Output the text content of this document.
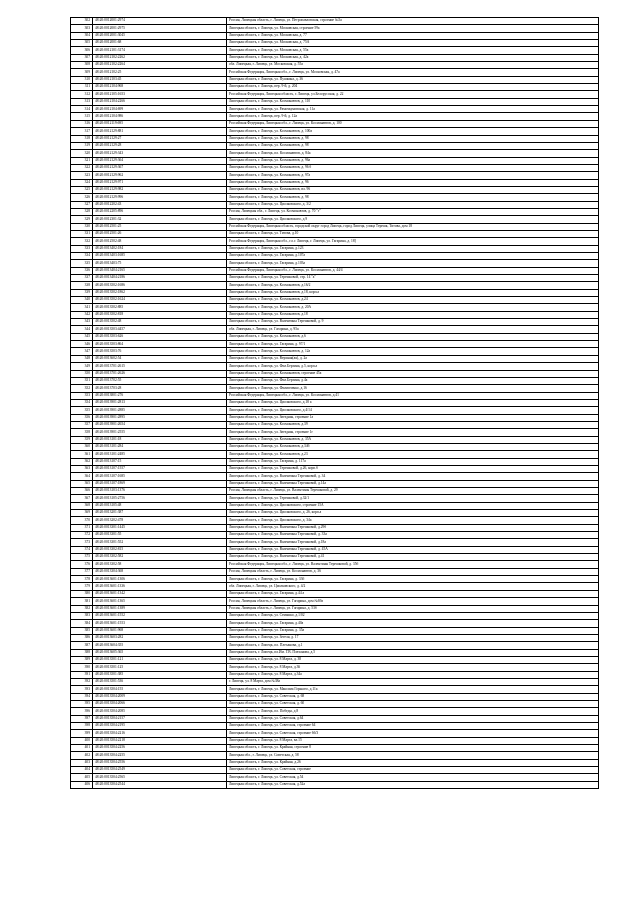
302	48:20:0012001:2974	Россия, Липецкая область, г. Липецк, ул. Петропавловская, строение №5а
303	48:20:0012001:2975	Липецкая область, г. Липецк, ул. Московская, строение 59а
304	48:20:0012001:3045	Липецкая область, г. Липецк, ул. Московская, д. 77
305	48:20:0012001:68	Липецкая область, г. Липецк, ул. Московская, д. 75А
306	48:20:0012101:3174	Липецкая область, г. Липецк, ул. Московская, д. 55а
307	48:20:0012102:2262	Липецкая область, г. Липецк, ул. Московская, д. 42а
308	48:20:0012102:2264	обл. Липецкая, г. Липецк, ул. Московская, д. 55а
309	48:20:0012102:25	Российская Федерация, Липецкая обл., г. Липецк, ул. Московская, д. 47а
310	48:20:0012103:45	Липецкая область, г. Липецк, ул. Пушкина, д. 36
311	48:20:0012104:968	Липецкая область, г. Липецк, пер. 9-й, д. 204
312	48:20:0012105:1653	Российская Федерация, Липецкая область, г. Липецк, ул.Белорусская, д. 22
313	48:20:0012104:2266	Липецкая область, г. Липецк, ул. Космонавтов, д. 110
314	48:20:0012104:699	Липецкая область, г. Липецк, ул. Рамочкуновская, д. 11а
315	48:20:0012104:986	Липецкая область, г. Липецк, пер. 9-й, д. 12а
316	48:20:0012119:695	Российская Федерация, Липецкая обл., г. Липецк, ул. Космонавтов, д. 100
317	48:20:0012129:881	Липецкая область, г. Липецк, ул. Космонавтов, д. 100а
318	48:20:0012129:27	Липецкая область, г. Липецк, ул. Космонавтов, д. 98
319	48:20:0012129:28	Липецкая область, г. Липецк, ул. Космонавтов, д. 98
320	48:20:0012129:343	Липецкая область, г. Липецк, пл. Космонавтов, д. 84а
321	48:20:0012129:364	Липецкая область, г. Липецк, ул. Космонавтов, д. 96а
322	48:20:0012129:367	Липецкая область, г. Липецк, ул. Космонавтов, д. 96 б
323	48:20:0012129:962	Липецкая область, г. Липецк, ул. Космонавтов, д. 97а
324	48:20:0012129:971	Липецкая область, г. Липецк, ул. Космонавтов, д. 96
325	48:20:0012129:982	Липецкая область, г. Липецк, ул. Космонавтов, вл. 96
326	48:20:0012129:996	Липецкая область, г. Липецк, ул. Космонавтов, д. 98
327	48:20:0012202:43	Липецкая область, г. Липецк, ул. Циолковского, д. 3/2
328	48:20:0012205:896	Россия, Липецкая обл., г. Липецк, ул. Космонавтов, д. 70 "г"
329	48:20:0012301:32	Липецкая область, г. Липецк, ул. Циолковского, д.9
330	48:20:0012501:25	Российская Федерация, Липецкая область, городской округ город Липецк, город Липецк, улица Терешк, Титова, дом 18
331	48:20:0012501:26	Липецкая область, г. Липецк, ул. Титова, д.10
332	48:20:0012502:48	Российская Федерация, Липецкая обл., г.о.г. Липецк, г. Липецк, ул. Гагарина, д. 18]
333	48:20:0013402:184	Липецкая область, г. Липецк, ул. Гагарина, д.123
334	48:20:0013403:1685	Липецкая область, г. Липецк, ул. Гагарина, д.107а
335	48:20:0013403:75	Липецкая область, г. Липецк, ул. Гагарина, д.103а
336	48:20:0013404:2165	Российская Федерация, Липецкая обл., г. Липецк, ул. Космонавтов, д. 44/4
337	48:20:0013404:2186	Липецкая область, г. Липецк, ул. Терешковой, стр. 14 "а"
338	48:20:0013502:1686	Липецкая область, г. Липецк, ул. Космонавтов, д.16/2
339	48:20:0013502:1862	Липецкая область, г. Липецк, ул. Космонавтов, д.18, корп.а
340	48:20:0013502:1624	Липецкая область, г. Липецк, ул. Космонавтов, д.24
341	48:20:0013502:885	Липецкая область, г. Липецк, ул. Космонавтов, д. 20А
342	48:20:0013502:818	Липецкая область, г. Липецк, ул. Космонавтов, д.18
343	48:20:0013502:48	Липецкая область, г. Липецк, ул. Валентины Терешковой, д. 9
344	48:20:0013503:4457	обл. Липецкая, г. Липецк, ул. Гагарина, д. 95а
345	48:20:0013503:626	Липецкая область, г. Липецк, ул. Космонавтов, д.6
346	48:20:0013503:864	Липецкая область, г. Липецк, ул. Гагарина, д. 97/1
347	48:20:0013503:76	Липецкая область, г. Липецк, ул. Космонавтов, д. 12а
348	48:20:0013602:54	Липецкая область, г. Липецк, ул. Верхняя(ая), д. 2а
349	48:20:0013701:2615	Липецкая область, г. Липецк, ул. Фил.Берзина, д.5, корп.а
350	48:20:0013701:2626	Липецкая область, г. Липецк, ул. Космонавтов, строение 45а
351	48:20:0013702:55	Липецкая область, г. Липецк, ул. Фил.Берзина, д.4а
352	48:20:0013703:28	Липецкая область, г. Липецк, ул. Филипченко, д.16
353	48:20:0013801:276	Российская Федерация, Липецкая обл., г. Липецк, ул. Космонавтов, д.41
354	48:20:0013901:2813	Липецкая область, г. Липецк, ул. Циолковского, д.18 а
355	48:20:0013901:2885	Липецкая область, г. Липецк, ул. Циолковского, д.4/14
356	48:20:0013901:2895	Липецкая область, г. Липецк, ул. Звездная, строение 1а
357	48:20:0013901:2654	Липецкая область, г. Липецк, ул. Космонавтов, д.39
358	48:20:0013901:2555	Липецкая область, г. Липецк, ул. Звездная, строение 1г
359	48:20:0013101:18	Липецкая область, г. Липецк, ул. Космонавтов, д. 35А
360	48:20:0013101:284	Липецкая область, г. Липецк, ул. Космонавтов, д.34б
361	48:20:0013101:2485	Липецкая область, г. Липецк, ул. Космонавтов, д.23
362	48:20:0013107:15	Липецкая область, г. Липецк, ул. Гагарина, д. 117а
363	48:20:0013107:1557	Липецкая область, г. Липецк, ул. Терешковой, д.26, корп.б
364	48:20:0013107:1685	Липецкая область, г. Липецк, ул. Валентины Терешковой, д. 34
365	48:20:0013107:1869	Липецкая область, г. Липецк, ул. Валентины Терешковой, д.14а
366	48:20:0013103:1376	Россия, Липецкая область, г. Липецк, ул. Валентины Терешковой, д. 29
367	48:20:0013105:2756	Липецкая область, г. Липецк, ул. Терешковой, д.32/1
368	48:20:0013105:48	Липецкая область, г. Липецк, ул. Циолковского, строение 15А
369	48:20:0013201:387	Липецкая область, г. Липецк, ул. Циолковского, д. 26, корп.а
370	48:20:0013202:478	Липецкая область, г. Липецк, ул. Циолковского, д. 34а
371	48:20:0013301:1445	Липецкая область, г. Липецк, ул. Валентины Терешковой, д.29б
372	48:20:0013301:55	Липецкая область, г. Липецк, ул. Валентины Терешковой, д. 33а
373	48:20:0013301:552	Липецкая область, г. Липецк, ул. Валентины Терешковой, д.18а
374	48:20:0013302:815	Липецкая область, г. Липецк, ул. Валентины Терешковой, д. 45А
375	48:20:0013302:582	Липецкая область, г. Липецк, ул. Валентины Терешковой, д.41
376	48:20:0013302:58	Российская Федерация, Липецкая обл., г. Липецк, ул. Валентины Терешковой, д. 35б
377	48:20:0013304:368	Россия, Липецкая область, г. Липецк, ул. Космонавтов, д. 36
378	48:20:0013601:1306	Липецкая область, г. Липецк, ул. Гагарина, д. 33б
379	48:20:0013601:1336	обл. Липецкая, г. Липецк, ул. Циолковского, д. 4/2
380	48:20:0013601:1342	Липецкая область, г. Липецк, ул. Гагарина, д.44 а
381	48:20:0013601:1365	Россия, Липецкая область, г. Липецк, ул. Гагарина, дом №69а
382	48:20:0013601:1389	Россия, Липецкая область, г. Липецк, ул. Гагарина, д. 53б
383	48:20:0013601:1552	Липецкая область, г. Липецк, ул. Семашко, д.1/02
384	48:20:0013601:1553	Липецкая область, г. Липецк, ул. Гагарина, д.40а
385	48:20:0013601:968	Липецкая область, г. Липецк, ул. Гагарина, д. 35а
386	48:20:0013603:282	Липецкая область, г. Липецк, ул. Зегеля, д. 17
387	48:20:0013604:355	Липецкая область, г. Липецк, пл. Плеханова, д.1
388	48:20:0013605:365	Липецкая область, г. Липецк, пл.Им. Г.В. Плеханова, д.5
389	48:20:0013501:121	Липецкая область, г. Липецк, ул. 8 Марта, д. 38
390	48:20:0013501:125	Липецкая область, г. Липецк, ул. 8 Марта, д.36
391	48:20:0013501:385	Липецкая область, г. Липецк, ул. 8 Марта, д.34а
392	48:20:0013501:536	г. Липецк, ул. 8 Марта, дом №38а
393	48:20:0013504:155	Липецкая область, г. Липецк, ул. Максима Горького, д.11а
394	48:20:0013504:2009	Липецкая область, г. Липецк, ул. Советская, д. 68
395	48:20:0013504:2066	Липецкая область, г. Липецк, ул. Советская, д. 60
396	48:20:0013504:2085	Липецкая область, г. Липецк, пл. Победы, д.8
397	48:20:0013504:2157	Липецкая область, г. Липецк, ул. Советская, д.64
398	48:20:0013504:2195	Липецкая область, г. Липецк, ул. Советская, строение 64
399	48:20:0013504:2216	Липецкая область, г. Липецк, ул. Советская, строение 66/3
400	48:20:0013504:2218	Липецкая область, г. Липецк, ул. 8 Марта, вл.15
401	48:20:0013504:2256	Липецкая область, г. Липецк, ул. Крайняя, строение 8
402	48:20:0013504:2255	Липецкая обл., г. Липецк, ул. Советская, д. 58
403	48:20:0013504:2556	Липецкая область, г. Липецк, ул. Крайняя, д.26
404	48:20:0013504:2549	Липецкая область, г. Липецк, ул. Советская, строение
405	48:20:0013504:2565	Липецкая область, г. Липецк, ул. Советская, д.54
406	48:20:0013504:2544	Липецкая область, г. Липецк, ул. Советская, д.52а
